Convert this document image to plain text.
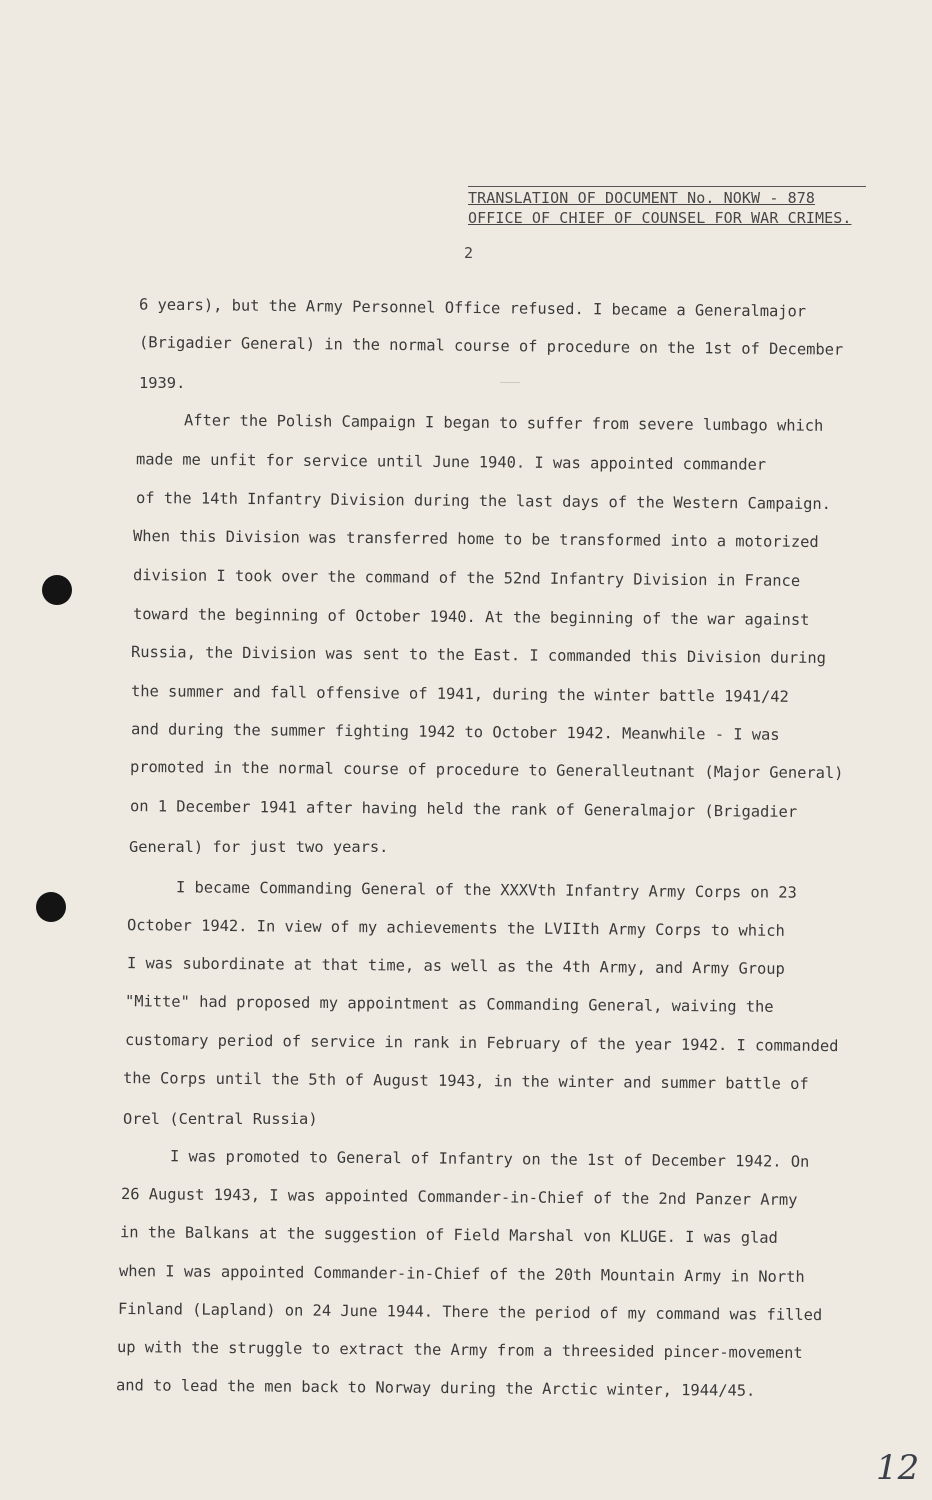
TRANSLATION OF DOCUMENT No. NOKW - 878
OFFICE OF CHIEF OF COUNSEL FOR WAR CRIMES.
2
6 years), but the Army Personnel Office refused. I became a Generalmajor
(Brigadier General) in the normal course of procedure on the 1st of December
1939.
After the Polish Campaign I began to suffer from severe lumbago which
made me unfit for service until June 1940. I was appointed commander
of the 14th Infantry Division during the last days of the Western Campaign.
When this Division was transferred home to be transformed into a motorized
division I took over the command of the 52nd Infantry Division in France
toward the beginning of October 1940. At the beginning of the war against
Russia, the Division was sent to the East. I commanded this Division during
the summer and fall offensive of 1941, during the winter battle 1941/42
and during the summer fighting 1942 to October 1942. Meanwhile - I was
promoted in the normal course of procedure to Generalleutnant (Major General)
on 1 December 1941 after having held the rank of Generalmajor (Brigadier
General) for just two years.
I became Commanding General of the XXXVth Infantry Army Corps on 23
October 1942. In view of my achievements the LVIIth Army Corps to which
I was subordinate at that time, as well as the 4th Army, and Army Group
"Mitte" had proposed my appointment as Commanding General, waiving the
customary period of service in rank in February of the year 1942. I commanded
the Corps until the 5th of August 1943, in the winter and summer battle of
Orel (Central Russia)
I was promoted to General of Infantry on the 1st of December 1942. On
26 August 1943, I was appointed Commander-in-Chief of the 2nd Panzer Army
in the Balkans at the suggestion of Field Marshal von KLUGE. I was glad
when I was appointed Commander-in-Chief of the 20th Mountain Army in North
Finland (Lapland) on 24 June 1944. There the period of my command was filled
up with the struggle to extract the Army from a threesided pincer-movement
and to lead the men back to Norway during the Arctic winter, 1944/45.
12
